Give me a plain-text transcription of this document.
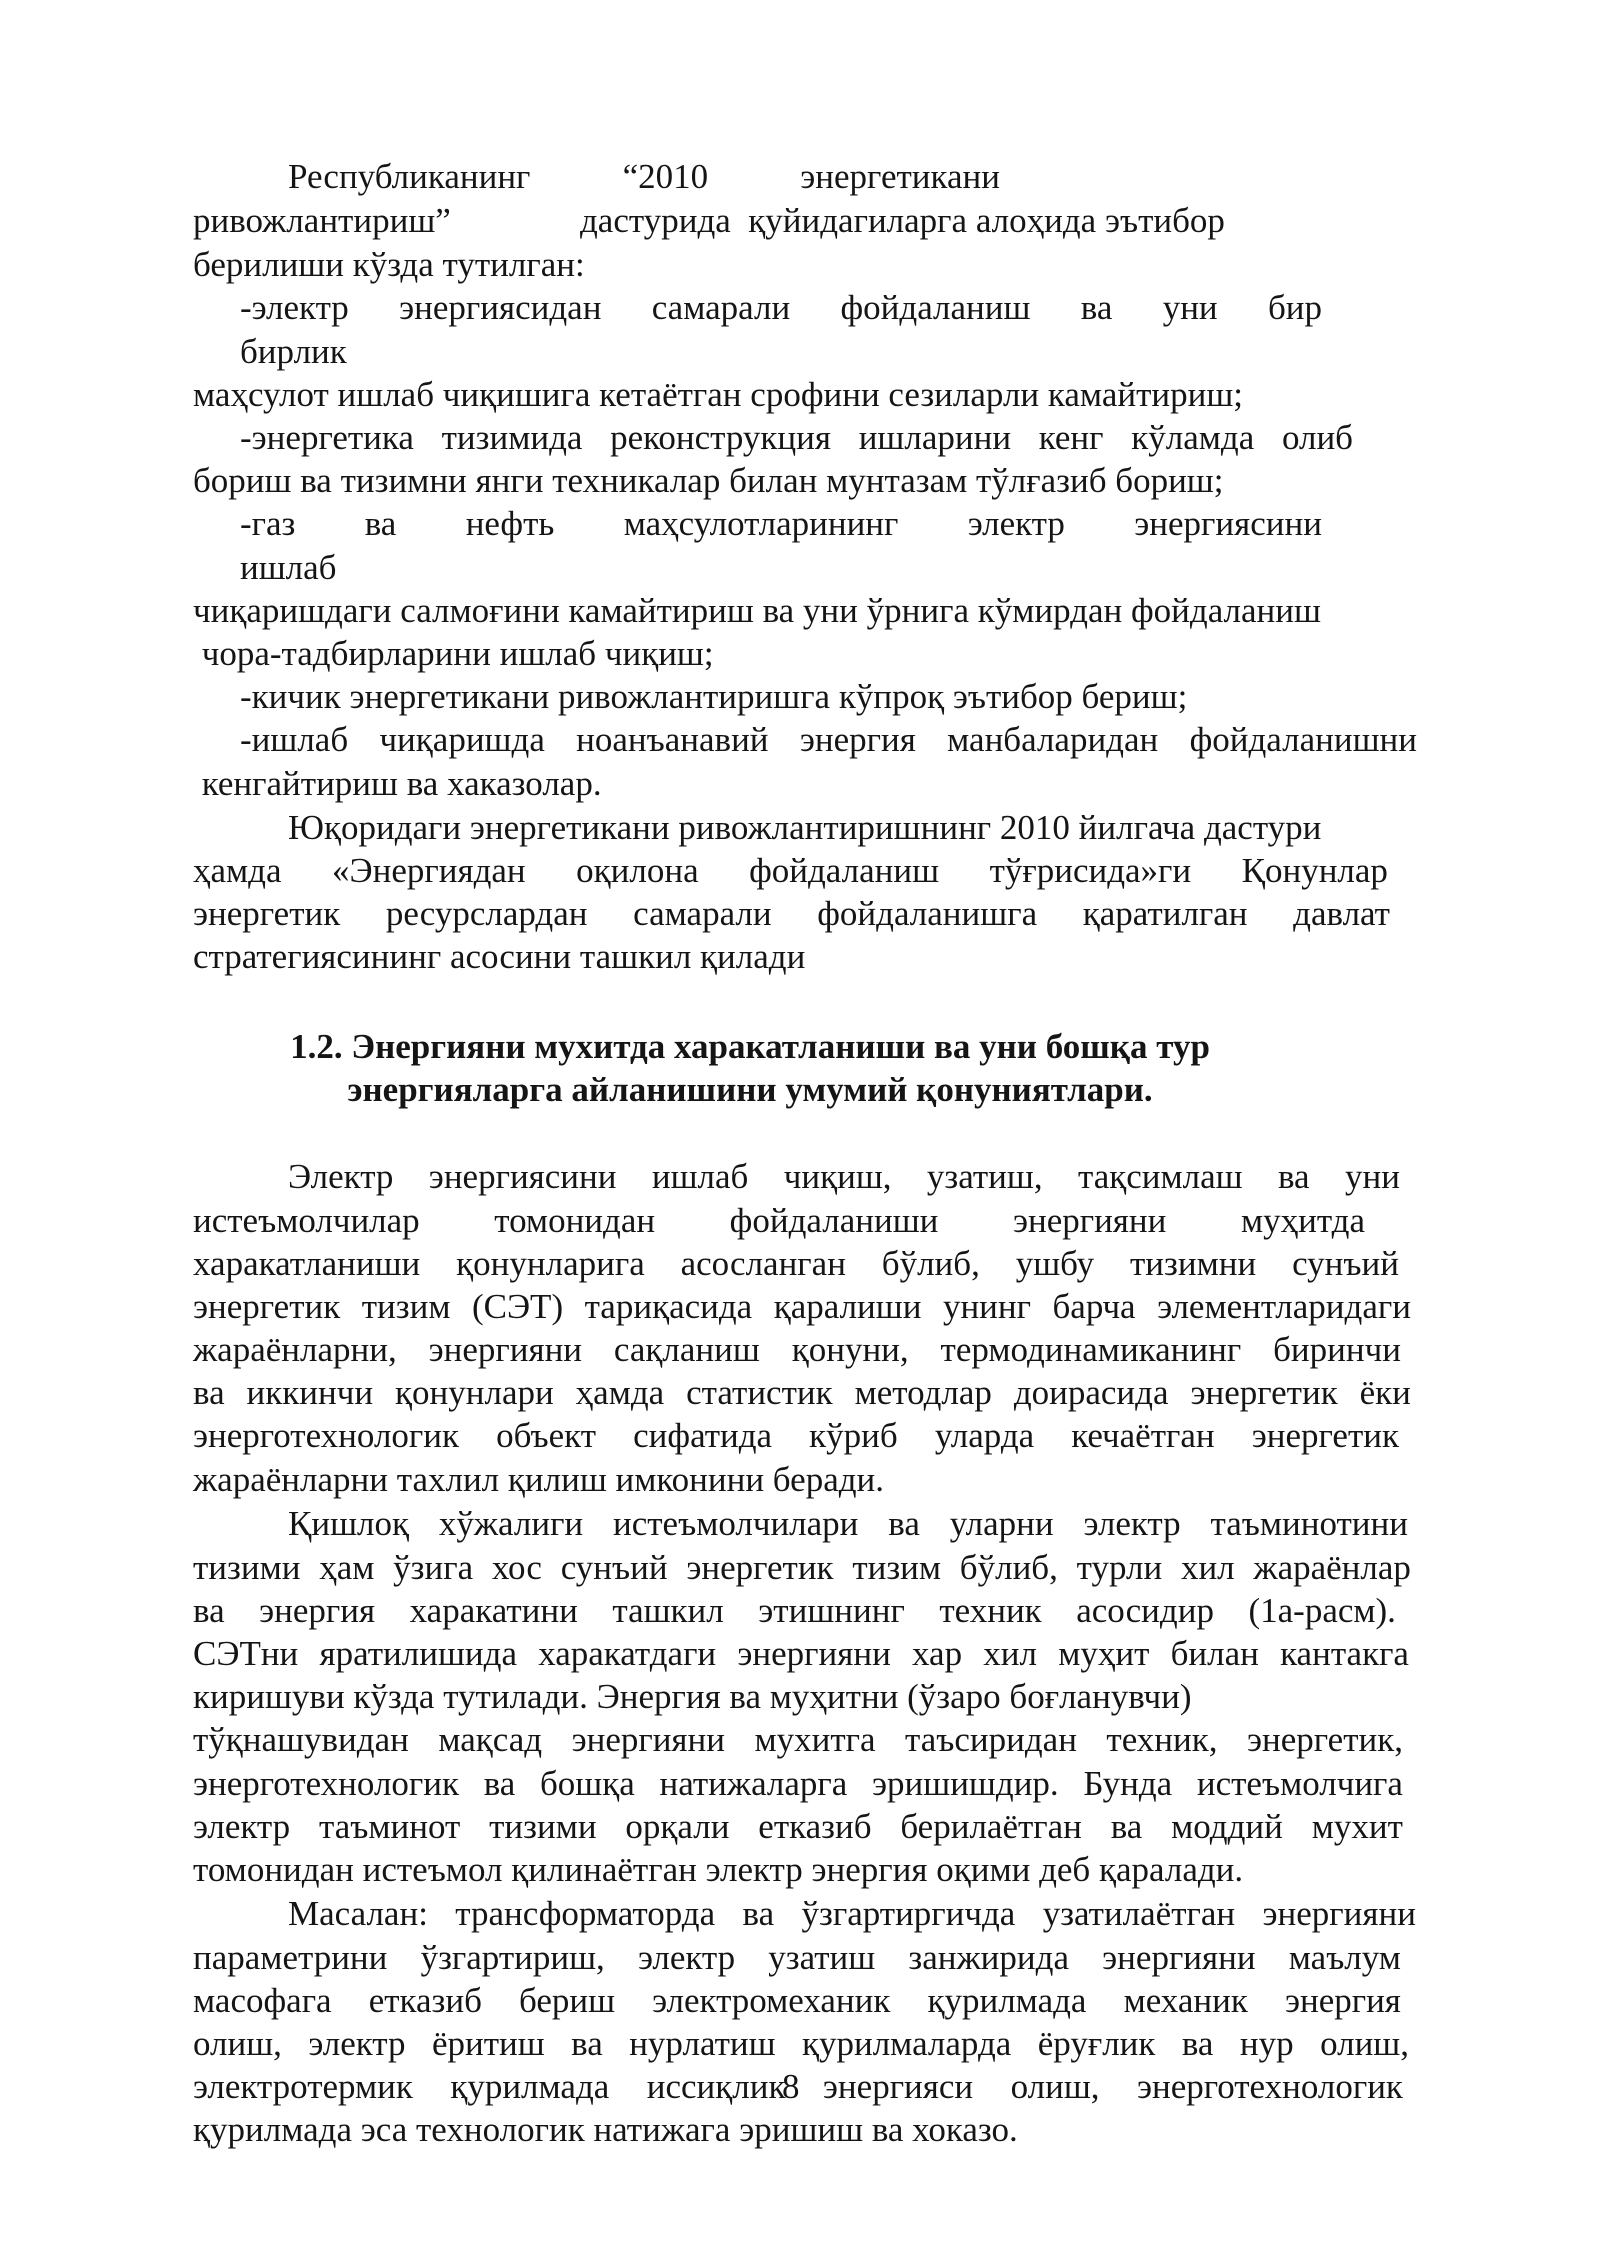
Республиканинг	“2010	энергетикани
ривожлантириш”	дастурида  қуйидагиларга алоҳида эътибор
берилиши кўзда тутилган:
-электр энергиясидан самарали фойдаланиш ва уни бир
бирлик
маҳсулот ишлаб чиқишига кетаётган срофини сезиларли камайтириш;
-энергетика тизимида реконструкция ишларини кенг кўламда олиб
бориш ва тизимни янги техникалар билан мунтазам тўлғазиб бориш;
-газ ва нефть маҳсулотларининг электр энергиясини
ишлаб
чиқаришдаги салмоғини камайтириш ва уни ўрнига кўмирдан фойдаланиш
чора-тадбирларини ишлаб чиқиш;
-кичик энергетикани ривожлантиришга кўпроқ эътибор бериш;
-ишлаб чиқаришда ноанъанавий энергия манбаларидан фойдаланишни
кенгайтириш ва хаказолар.
Юқоридаги энергетикани ривожлантиришнинг 2010 йилгача дастури
ҳамда «Энергиядан оқилона фойдаланиш тўғрисида»ги Қонунлар
энергетик ресурслардан самарали фойдаланишга қаратилган давлат
стратегиясининг асосини ташкил қилади
1.2. Энергияни мухитда харакатланиши ва уни бошқа тур
энергияларга айланишини умумий қонуниятлари.
Электр энергиясини ишлаб чиқиш, узатиш, тақсимлаш ва уни
истеъмолчилар томонидан фойдаланиши энергияни муҳитда
харакатланиши қонунларига асосланган бўлиб, ушбу тизимни сунъий
энергетик тизим (СЭТ) тариқасида қаралиши унинг барча элементларидаги
жараёнларни, энергияни сақланиш қонуни, термодинамиканинг биринчи
ва иккинчи қонунлари ҳамда статистик методлар доирасида энергетик ёки
энерготехнологик объект сифатида кўриб уларда кечаётган энергетик
жараёнларни тахлил қилиш имконини беради.
Қишлоқ хўжалиги истеъмолчилари ва уларни электр таъминотини
тизими ҳам ўзига хос сунъий энергетик тизим бўлиб, турли хил жараёнлар
ва энергия харакатини ташкил этишнинг техник асосидир (1а-расм).
СЭТни яратилишида харакатдаги энергияни хар хил муҳит билан кантакга
киришуви кўзда тутилади. Энергия ва муҳитни (ўзаро боғланувчи)
тўқнашувидан мақсад энергияни мухитга таъсиридан техник, энергетик,
энерготехнологик ва бошқа натижаларга эришишдир. Бунда истеъмолчига
электр таъминот тизими орқали етказиб берилаётган ва моддий мухит
томонидан истеъмол қилинаётган электр энергия оқими деб қаралади.
Масалан: трансформаторда ва ўзгартиргичда узатилаётган энергияни
параметрини ўзгартириш, электр узатиш занжирида энергияни маълум
масофага етказиб бериш электромеханик қурилмада механик энергия
олиш, электр ёритиш ва нурлатиш қурилмаларда ёруғлик ва нур олиш,
электротермик қурилмада иссиқлик энергияси олиш, энерготехнологик
қурилмада эса технологик натижага эришиш ва хоказо.
8
